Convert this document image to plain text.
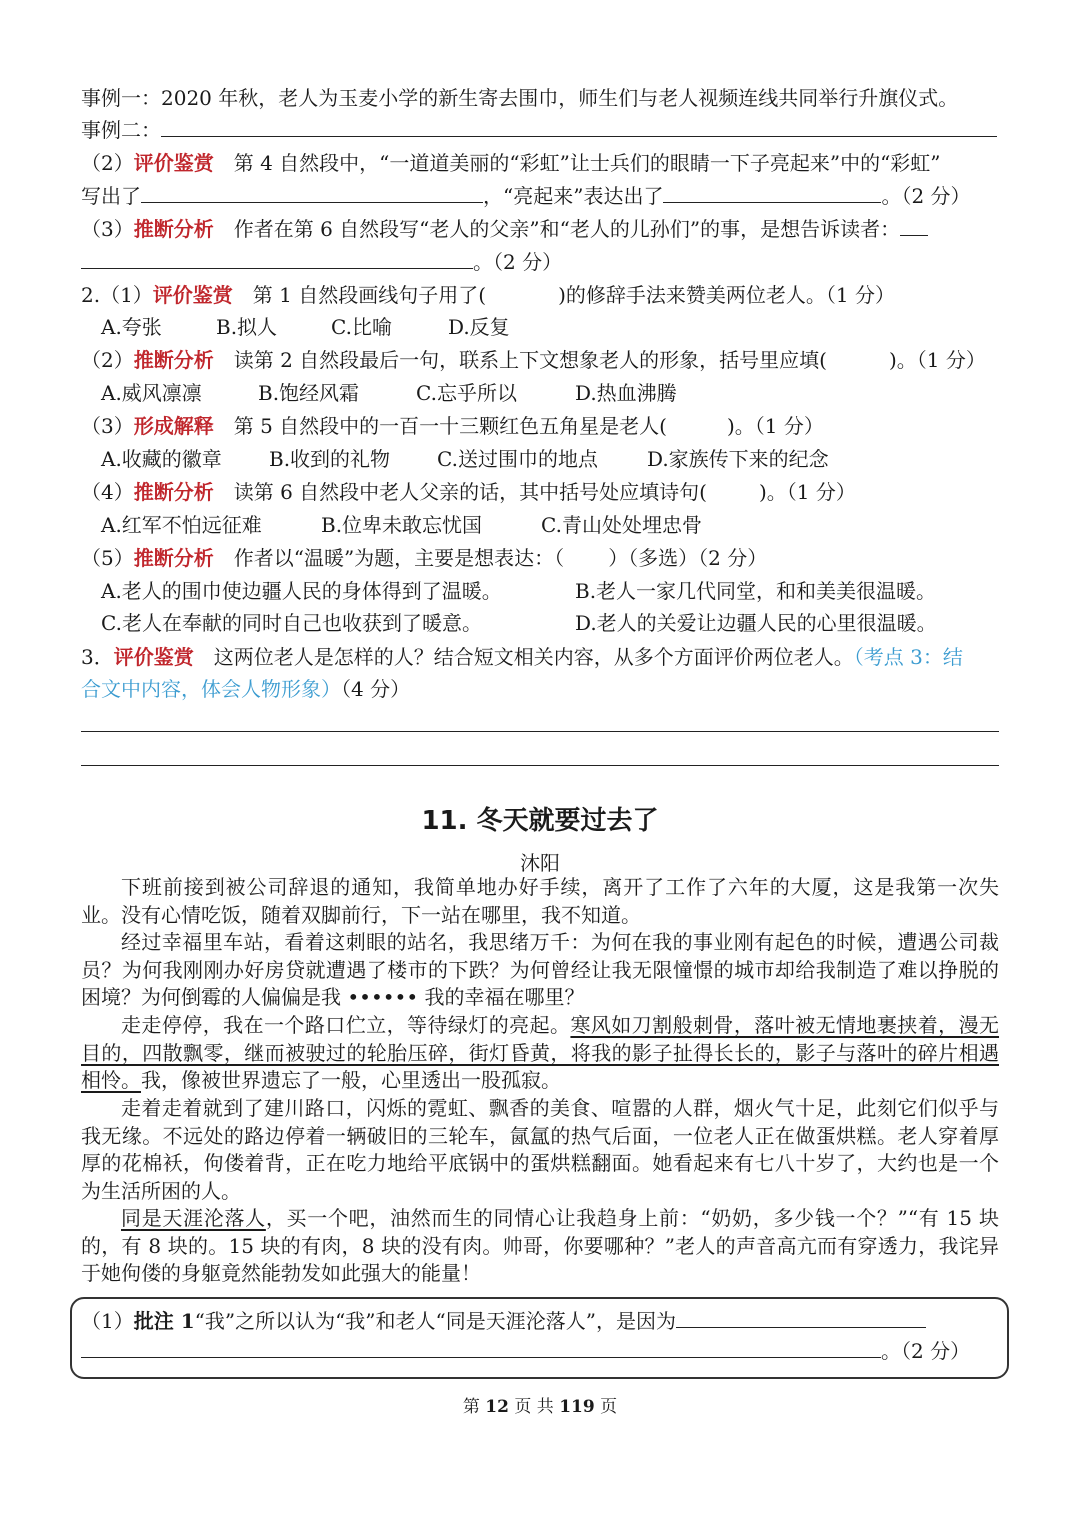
事例一：2020 年秋，老人为玉麦小学的新生寄去围巾，师生们与老人视频连线共同举行升旗仪式。
事例二：
（2）评价鉴赏　第 4 自然段中，“一道道美丽的“彩虹”让士兵们的眼睛一下子亮起来”中的“彩虹”
写出了	，“亮起来”表达出了	。（2 分）
（3）推断分析　作者在第 6 自然段写“老人的父亲”和“老人的儿孙们”的事，是想告诉读者：
。（2 分）
2.（1）评价鉴赏　第 1 自然段画线句子用了(	)的修辞手法来赞美两位老人。（1 分）
A.夸张	B.拟人	C.比喻	D.反复
（2）推断分析　读第 2 自然段最后一句，联系上下文想象老人的形象，括号里应填(	)。（1 分）
A.威风凛凛	B.饱经风霜	C.忘乎所以	D.热血沸腾
（3）形成解释　第 5 自然段中的一百一十三颗红色五角星是老人(	)。（1 分）
A.收藏的徽章 B.收到的礼物 C.送过围巾的地点 D.家族传下来的纪念
（4）推断分析　读第 6 自然段中老人父亲的话，其中括号处应填诗句(	)。（1 分）
A.红军不怕远征难	B.位卑未敢忘忧国	C.青山处处埋忠骨
（5）推断分析　作者以“温暖”为题，主要是想表达：（ ）（多选）（2 分）
A.老人的围巾使边疆人民的身体得到了温暖。	B.老人一家几代同堂，和和美美很温暖。
C.老人在奉献的同时自己也收获到了暖意。	D.老人的关爱让边疆人民的心里很温暖。
3．评价鉴赏　这两位老人是怎样的人？结合短文相关内容，从多个方面评价两位老人。（考点 3：结
合文中内容，体会人物形象）（4 分）
11. 冬天就要过去了
沐阳
下班前接到被公司辞退的通知，我简单地办好手续，离开了工作了六年的大厦，这是我第一次失业。没有心情吃饭，随着双脚前行，下一站在哪里，我不知道。
经过幸福里车站，看着这刺眼的站名，我思绪万千：为何在我的事业刚有起色的时候，遭遇公司裁员？为何我刚刚办好房贷就遭遇了楼市的下跌？为何曾经让我无限憧憬的城市却给我制造了难以挣脱的困境？为何倒霉的人偏偏是我 •••••• 我的幸福在哪里？
走走停停，我在一个路口伫立，等待绿灯的亮起。寒风如刀割般刺骨，落叶被无情地裹挟着，漫无目的，四散飘零，继而被驶过的轮胎压碎，街灯昏黄，将我的影子扯得长长的，影子与落叶的碎片相遇相怜。我，像被世界遗忘了一般，心里透出一股孤寂。
走着走着就到了建川路口，闪烁的霓虹、飘香的美食、喧嚣的人群，烟火气十足，此刻它们似乎与我无缘。不远处的路边停着一辆破旧的三轮车，氤氲的热气后面，一位老人正在做蛋烘糕。老人穿着厚厚的花棉袄，佝偻着背，正在吃力地给平底锅中的蛋烘糕翻面。她看起来有七八十岁了，大约也是一个为生活所困的人。
同是天涯沦落人，买一个吧，油然而生的同情心让我趋身上前：“奶奶，多少钱一个？”“有 15 块的，有 8 块的。15 块的有肉，8 块的没有肉。帅哥，你要哪种？”老人的声音高亢而有穿透力，我诧异于她佝偻的身躯竟然能勃发如此强大的能量！
（1）批注 1“我”之所以认为“我”和老人“同是天涯沦落人”，是因为
。（2 分）
第 12 页 共 119 页
